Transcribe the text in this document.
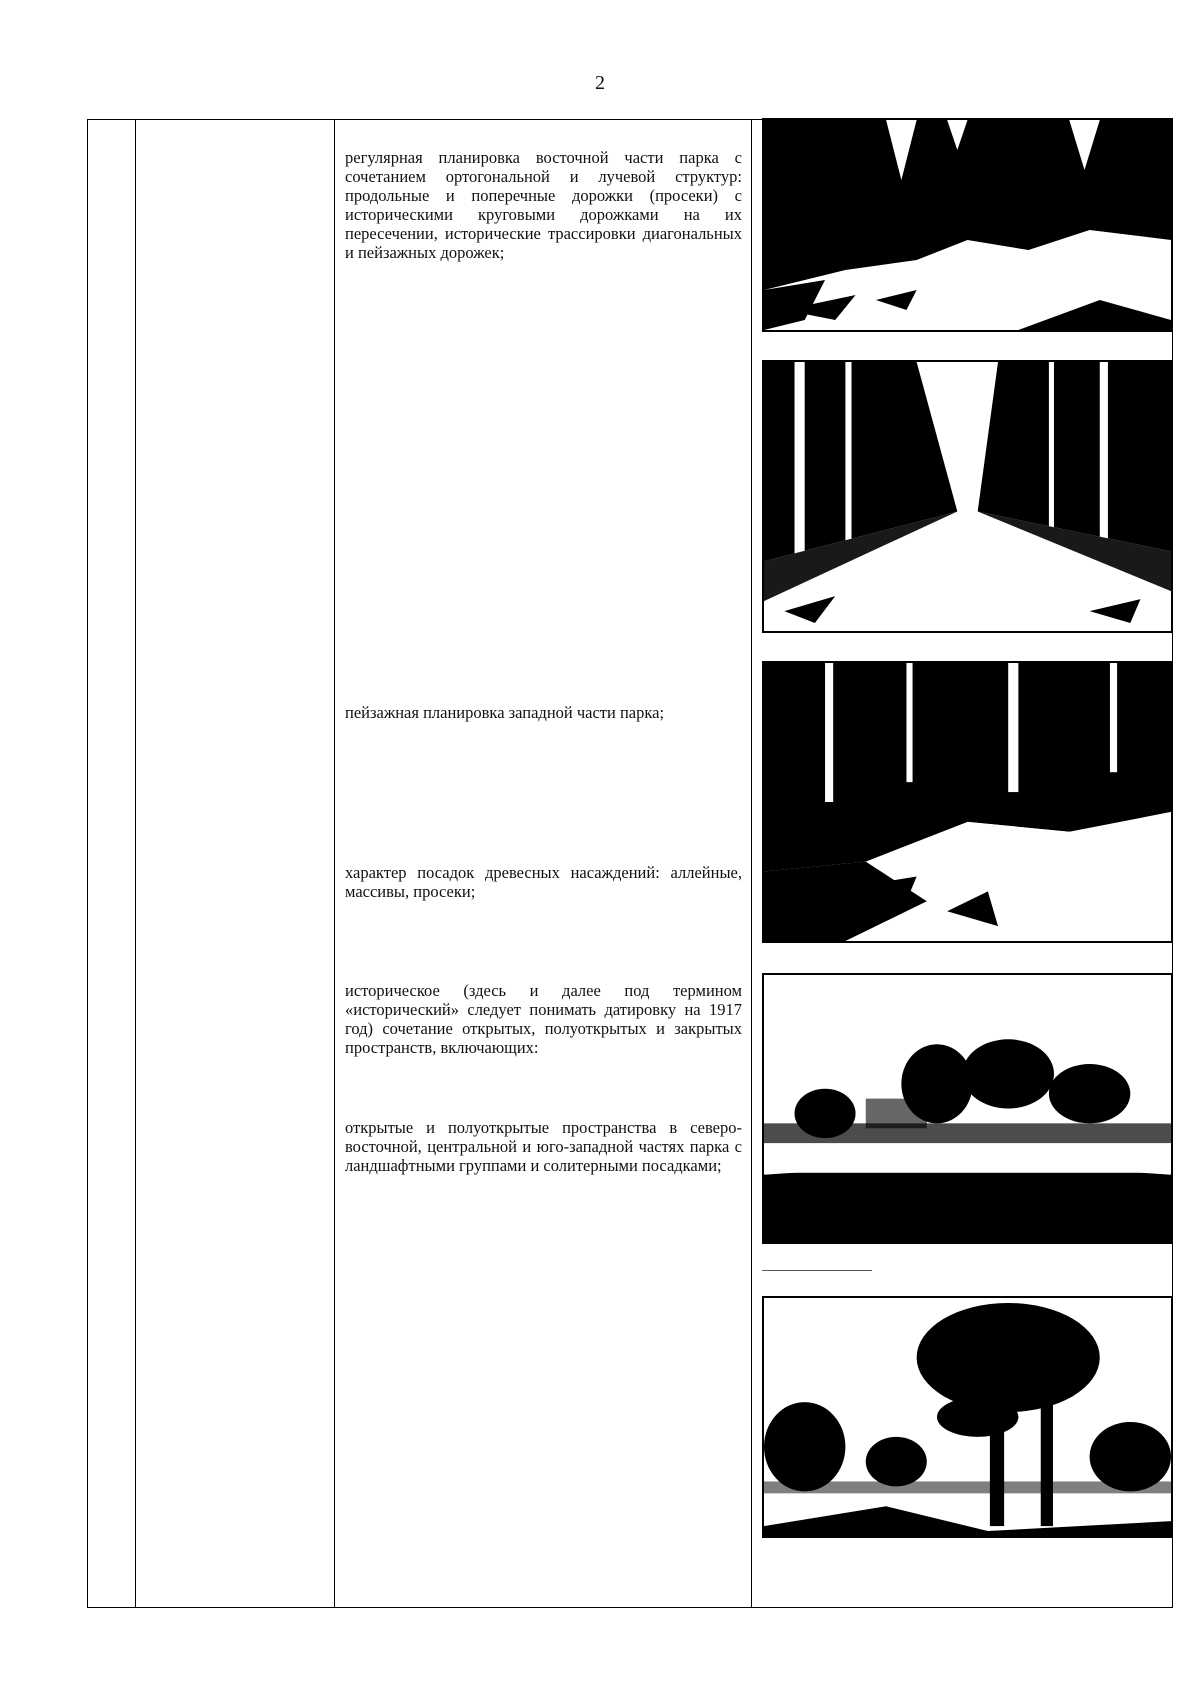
2

регулярная планировка восточной части парка с сочетанием ортогональной и лучевой структур: продольные и поперечные дорожки (просеки) с историческими круговыми дорожками на их пересечении, исторические трассировки диагональных и пейзажных дорожек;

пейзажная планировка западной части парка;

характер посадок древесных насаждений: аллейные, массивы, просеки;

историческое (здесь и далее под термином «исторический» следует понимать датировку на 1917 год) сочетание открытых, полуоткрытых и закрытых пространств, включающих:

открытые и полуоткрытые пространства в северо-восточной, центральной и юго-западной частях парка с ландшафтными группами и солитерными посадками;
